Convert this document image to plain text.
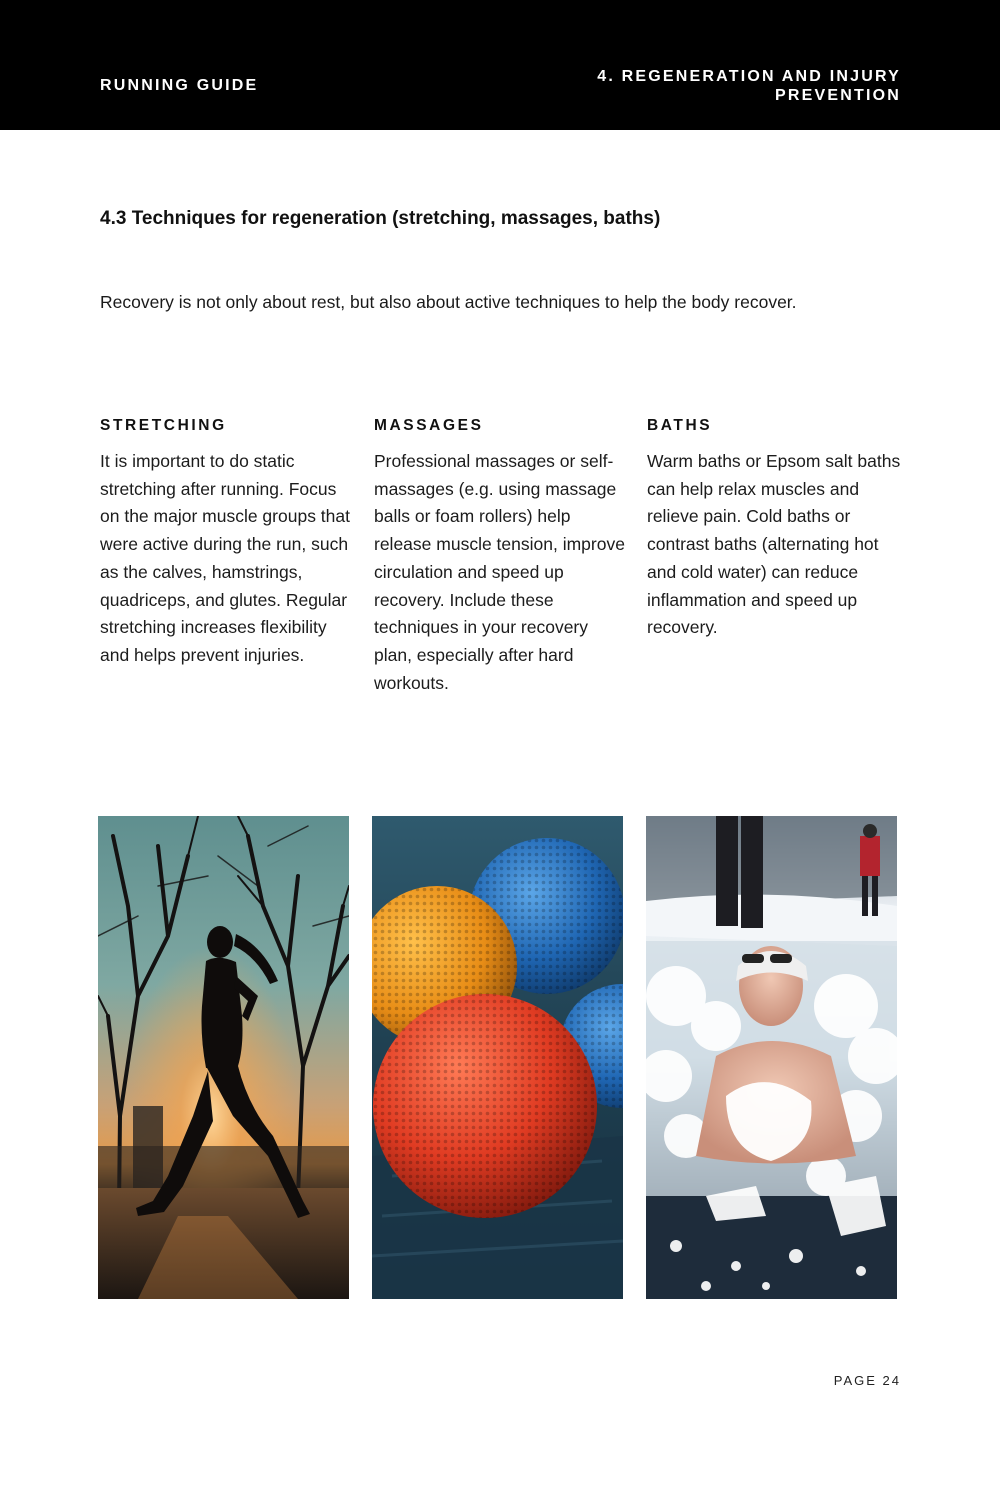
RUNNING GUIDE
4. REGENERATION AND INJURY
PREVENTION
4.3 Techniques for regeneration (stretching, massages, baths)
Recovery is not only about rest, but also about active techniques to help the body recover.
STRETCHING
It is important to do static stretching after running. Focus on the major muscle groups that were active during the run, such as the calves, hamstrings, quadriceps, and glutes. Regular stretching increases flexibility and helps prevent injuries.
MASSAGES
Professional massages or self-massages (e.g. using massage balls or foam rollers) help release muscle tension, improve circulation and speed up recovery. Include these techniques in your recovery plan, especially after hard workouts.
BATHS
Warm baths or Epsom salt baths can help relax muscles and relieve pain. Cold baths or contrast baths (alternating hot and cold water) can reduce inflammation and speed up recovery.
PAGE 24
